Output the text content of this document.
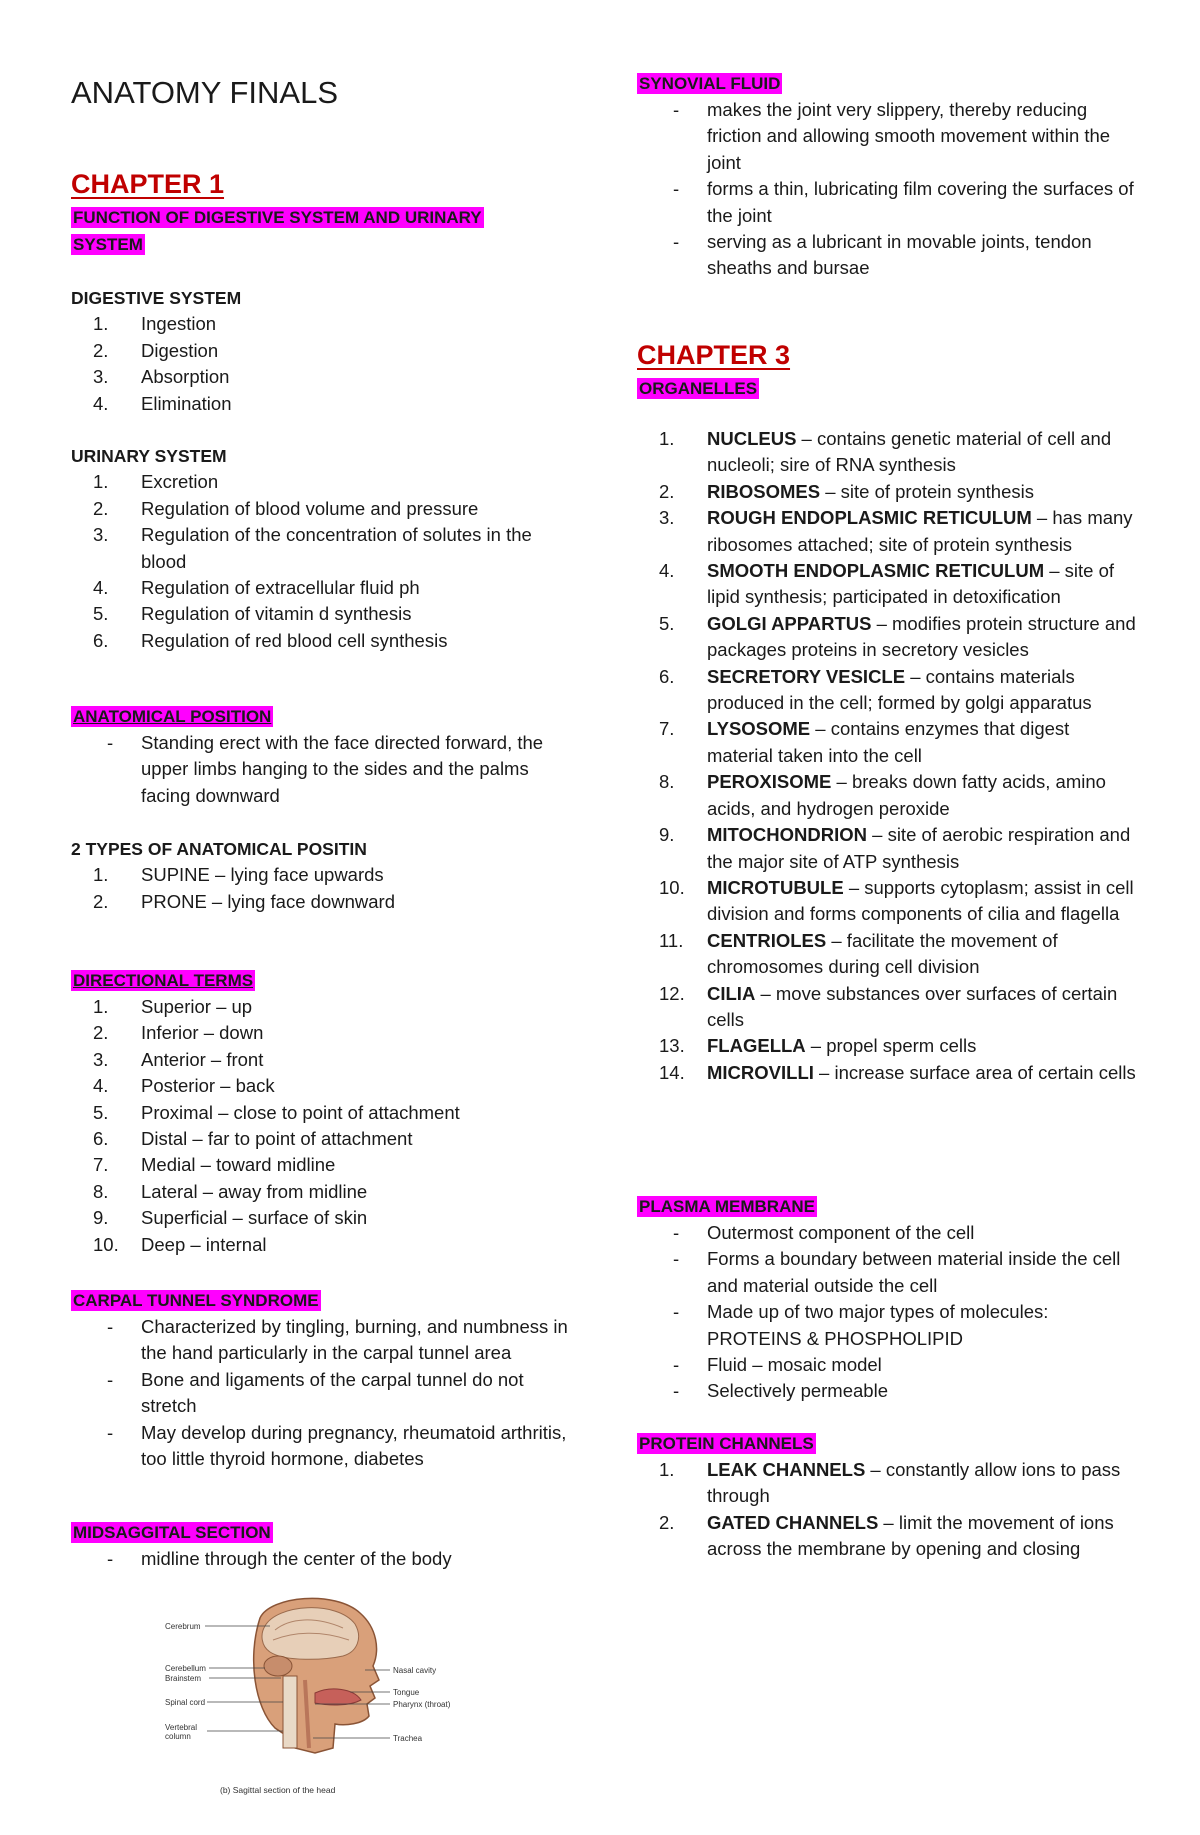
ANATOMY FINALS
CHAPTER 1
FUNCTION OF DIGESTIVE SYSTEM AND URINARY
SYSTEM

DIGESTIVE SYSTEM

1.	Ingestion
2.	Digestion
3.	Absorption
4.	Elimination

URINARY SYSTEM

1.	Excretion
2.	Regulation of blood volume and pressure
3.	Regulation of the concentration of solutes in the blood
4.	Regulation of extracellular fluid ph
5.	Regulation of vitamin d synthesis
6.	Regulation of red blood cell synthesis
ANATOMICAL POSITION
- Standing erect with the face directed forward, the upper limbs hanging to the sides and the palms facing downward

2 TYPES OF ANATOMICAL POSITIN

1.	SUPINE – lying face upwards
2.	PRONE – lying face downward
DIRECTIONAL TERMS
1.	Superior – up
2.	Inferior – down
3.	Anterior – front
4.	Posterior – back
5.	Proximal – close to point of attachment
6.	Distal – far to point of attachment
7.	Medial – toward midline
8.	Lateral – away from midline
9.	Superficial – surface of skin
10.	Deep – internal
CARPAL TUNNEL SYNDROME
- Characterized by tingling, burning, and numbness in the hand particularly in the carpal tunnel area
- Bone and ligaments of the carpal tunnel do not stretch
- May develop during pregnancy, rheumatoid arthritis, too little thyroid hormone, diabetes
MIDSAGGITAL SECTION
- midline through the center of the body
Cerebrum
Cerebellum
Brainstem
Spinal cord
Vertebral
column
Nasal cavity
Tongue
Pharynx (throat)
Trachea
(b) Sagittal section of the head
SYNOVIAL FLUID
- makes the joint very slippery, thereby reducing friction and allowing smooth movement within the joint
- forms a thin, lubricating film covering the surfaces of the joint
- serving as a lubricant in movable joints, tendon sheaths and bursae
CHAPTER 3
ORGANELLES
1.	NUCLEUS – contains genetic material of cell and nucleoli; sire of RNA synthesis
2.	RIBOSOMES – site of protein synthesis
3.	ROUGH ENDOPLASMIC RETICULUM – has many ribosomes attached; site of protein synthesis
4.	SMOOTH ENDOPLASMIC RETICULUM – site of lipid synthesis; participated in detoxification
5.	GOLGI APPARTUS – modifies protein structure and packages proteins in secretory vesicles
6.	SECRETORY VESICLE – contains materials produced in the cell; formed by golgi apparatus
7.	LYSOSOME – contains enzymes that digest material taken into the cell
8.	PEROXISOME – breaks down fatty acids, amino acids, and hydrogen peroxide
9.	MITOCHONDRION – site of aerobic respiration and the major site of ATP synthesis
10.	MICROTUBULE – supports cytoplasm; assist in cell division and forms components of cilia and flagella
11.	CENTRIOLES – facilitate the movement of chromosomes during cell division
12.	CILIA – move substances over surfaces of certain cells
13.	FLAGELLA – propel sperm cells
14.	MICROVILLI – increase surface area of certain cells
PLASMA MEMBRANE
- Outermost component of the cell
- Forms a boundary between material inside the cell and material outside the cell
- Made up of two major types of molecules: PROTEINS & PHOSPHOLIPID
- Fluid – mosaic model
- Selectively permeable
PROTEIN CHANNELS
1.	LEAK CHANNELS – constantly allow ions to pass through
2.	GATED CHANNELS – limit the movement of ions across the membrane by opening and closing
